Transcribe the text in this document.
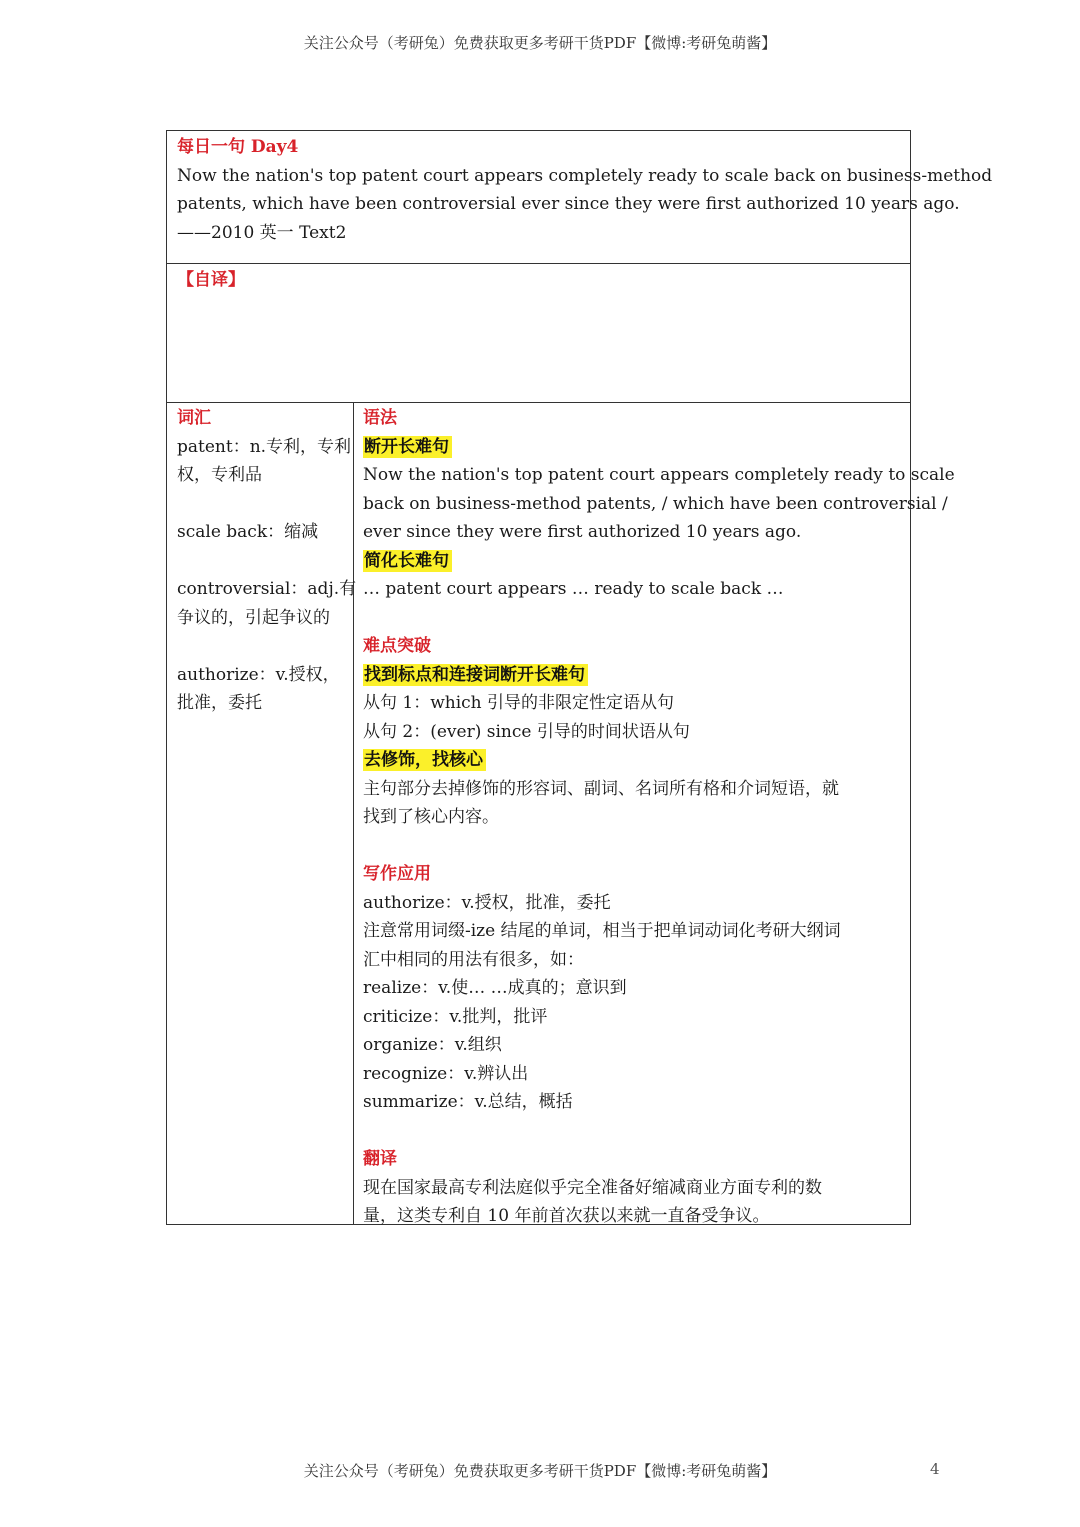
关注公众号（考研兔）免费获取更多考研干货PDF【微博:考研兔萌酱】
每日一句 Day4
Now the nation's top patent court appears completely ready to scale back on business-method
patents, which have been controversial ever since they were first authorized 10 years ago.
——2010 英一 Text2
【自译】
词汇
patent：n.专利，专利
权，专利品
scale back：缩减
controversial：adj.有
争议的，引起争议的
authorize：v.授权，
批准，委托
语法
断开长难句
Now the nation's top patent court appears completely ready to scale
back on business-method patents, / which have been controversial /
ever since they were first authorized 10 years ago.
简化长难句
… patent court appears … ready to scale back …
难点突破
找到标点和连接词断开长难句
从句 1：which 引导的非限定性定语从句
从句 2：(ever) since 引导的时间状语从句
去修饰，找核心
主句部分去掉修饰的形容词、副词、名词所有格和介词短语，就
找到了核心内容。
写作应用
authorize：v.授权，批准，委托
注意常用词缀-ize 结尾的单词，相当于把单词动词化考研大纲词
汇中相同的用法有很多，如：
realize：v.使… …成真的；意识到
criticize：v.批判，批评
organize：v.组织
recognize：v.辨认出
summarize：v.总结，概括
翻译
现在国家最高专利法庭似乎完全准备好缩减商业方面专利的数
量，这类专利自 10 年前首次获以来就一直备受争议。
关注公众号（考研兔）免费获取更多考研干货PDF【微博:考研兔萌酱】	4
